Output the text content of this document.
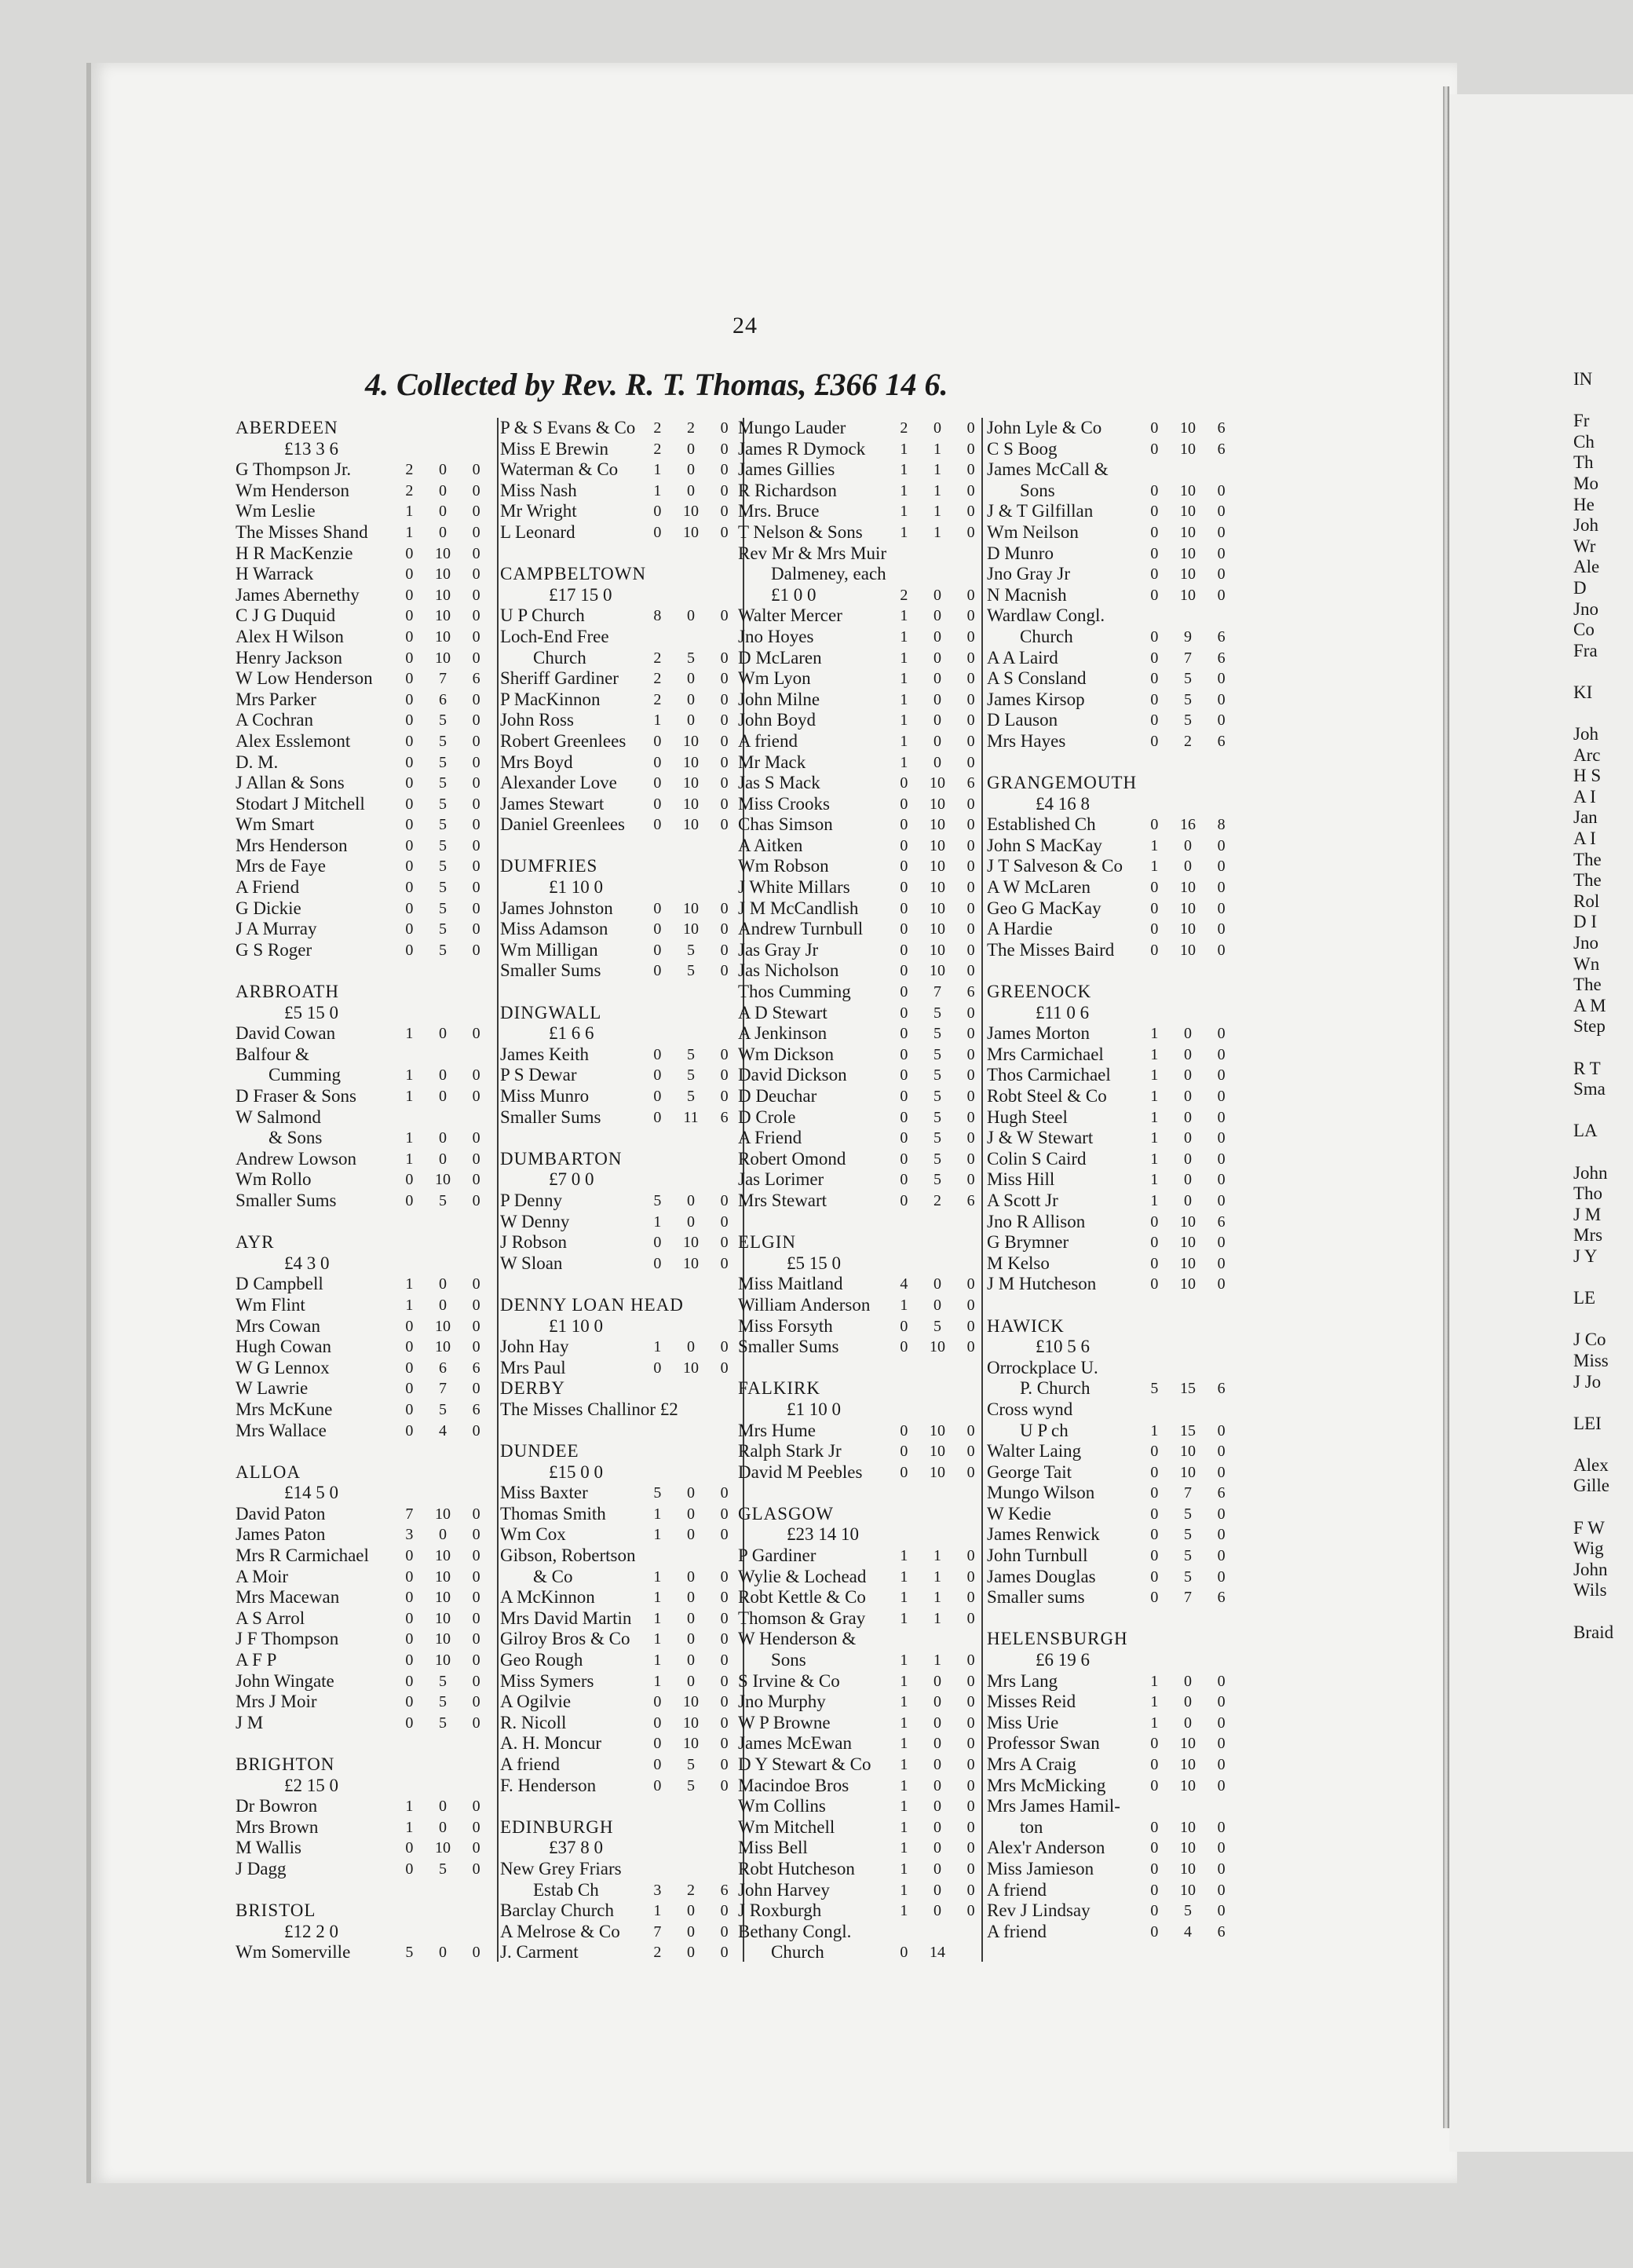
IN
Fr
Ch
Th
Mo
He
Joh
Wr
Ale
D
Jno
Co
Fra
KI
Joh
Arc
H S
A I
Jan
A I
The
The
Rol
D I
Jno
Wn
The
A M
Step
R T
Sma
LA
John
Tho
J M
Mrs
J Y
LE
J Co
Miss
J Jo
LEI
Alex
Gille
F W
Wig
John
Wils
Braid
24
4. Collected by Rev. R. T. Thomas, £366 14 6.
ABERDEEN
£13 3 6
G Thompson Jr.	2	0	0
Wm Henderson	2	0	0
Wm Leslie	1	0	0
The Misses Shand	1	0	0
H R MacKenzie	0	10	0
H Warrack	0	10	0
James Abernethy	0	10	0
C J G Duquid	0	10	0
Alex H Wilson	0	10	0
Henry Jackson	0	10	0
W Low Henderson	0	7	6
Mrs Parker	0	6	0
A Cochran	0	5	0
Alex Esslemont	0	5	0
D. M.	0	5	0
J Allan & Sons	0	5	0
Stodart J Mitchell	0	5	0
Wm Smart	0	5	0
Mrs Henderson	0	5	0
Mrs de Faye	0	5	0
A Friend	0	5	0
G Dickie	0	5	0
J A Murray	0	5	0
G S Roger	0	5	0
ARBROATH
£5 15 0
David Cowan	1	0	0
Balfour &
Cumming	1	0	0
D Fraser & Sons	1	0	0
W Salmond
& Sons	1	0	0
Andrew Lowson	1	0	0
Wm Rollo	0	10	0
Smaller Sums	0	5	0
AYR
£4 3 0
D Campbell	1	0	0
Wm Flint	1	0	0
Mrs Cowan	0	10	0
Hugh Cowan	0	10	0
W G Lennox	0	6	6
W Lawrie	0	7	0
Mrs McKune	0	5	6
Mrs Wallace	0	4	0
ALLOA
£14 5 0
David Paton	7	10	0
James Paton	3	0	0
Mrs R Carmichael	0	10	0
A Moir	0	10	0
Mrs Macewan	0	10	0
A S Arrol	0	10	0
J F Thompson	0	10	0
A F P	0	10	0
John Wingate	0	5	0
Mrs J Moir	0	5	0
J M	0	5	0
BRIGHTON
£2 15 0
Dr Bowron	1	0	0
Mrs Brown	1	0	0
M Wallis	0	10	0
J Dagg	0	5	0
BRISTOL
£12 2 0
Wm Somerville	5	0	0
P & S Evans & Co	2	2	0
Miss E Brewin	2	0	0
Waterman & Co	1	0	0
Miss Nash	1	0	0
Mr Wright	0	10	0
L Leonard	0	10	0
CAMPBELTOWN
£17 15 0
U P Church	8	0	0
Loch-End Free
Church	2	5	0
Sheriff Gardiner	2	0	0
P MacKinnon	2	0	0
John Ross	1	0	0
Robert Greenlees	0	10	0
Mrs Boyd	0	10	0
Alexander Love	0	10	0
James Stewart	0	10	0
Daniel Greenlees	0	10	0
DUMFRIES
£1 10 0
James Johnston	0	10	0
Miss Adamson	0	10	0
Wm Milligan	0	5	0
Smaller Sums	0	5	0
DINGWALL
£1 6 6
James Keith	0	5	0
P S Dewar	0	5	0
Miss Munro	0	5	0
Smaller Sums	0	11	6
DUMBARTON
£7 0 0
P Denny	5	0	0
W Denny	1	0	0
J Robson	0	10	0
W Sloan	0	10	0
DENNY LOAN HEAD
£1 10 0
John Hay	1	0	0
Mrs Paul	0	10	0
DERBY
The Misses Challinor £2
DUNDEE
£15 0 0
Miss Baxter	5	0	0
Thomas Smith	1	0	0
Wm Cox	1	0	0
Gibson, Robertson
& Co	1	0	0
A McKinnon	1	0	0
Mrs David Martin	1	0	0
Gilroy Bros & Co	1	0	0
Geo Rough	1	0	0
Miss Symers	1	0	0
A Ogilvie	0	10	0
R. Nicoll	0	10	0
A. H. Moncur	0	10	0
A friend	0	5	0
F. Henderson	0	5	0
EDINBURGH
£37 8 0
New Grey Friars
Estab Ch	3	2	6
Barclay Church	1	0	0
A Melrose & Co	7	0	0
J. Carment	2	0	0
Mungo Lauder	2	0	0
James R Dymock	1	1	0
James Gillies	1	1	0
R Richardson	1	1	0
Mrs. Bruce	1	1	0
T Nelson & Sons	1	1	0
Rev Mr & Mrs Muir
Dalmeney, each
£1 0 0	2	0	0
Walter Mercer	1	0	0
Jno Hoyes	1	0	0
D McLaren	1	0	0
Wm Lyon	1	0	0
John Milne	1	0	0
John Boyd	1	0	0
A friend	1	0	0
Mr Mack	1	0	0
Jas S Mack	0	10	6
Miss Crooks	0	10	0
Chas Simson	0	10	0
A Aitken	0	10	0
Wm Robson	0	10	0
J White Millars	0	10	0
J M McCandlish	0	10	0
Andrew Turnbull	0	10	0
Jas Gray Jr	0	10	0
Jas Nicholson	0	10	0
Thos Cumming	0	7	6
A D Stewart	0	5	0
A Jenkinson	0	5	0
Wm Dickson	0	5	0
David Dickson	0	5	0
D Deuchar	0	5	0
D Crole	0	5	0
A Friend	0	5	0
Robert Omond	0	5	0
Jas Lorimer	0	5	0
Mrs Stewart	0	2	6
ELGIN
£5 15 0
Miss Maitland	4	0	0
William Anderson	1	0	0
Miss Forsyth	0	5	0
Smaller Sums	0	10	0
FALKIRK
£1 10 0
Mrs Hume	0	10	0
Ralph Stark Jr	0	10	0
David M Peebles	0	10	0
GLASGOW
£23 14 10
P Gardiner	1	1	0
Wylie & Lochead	1	1	0
Robt Kettle & Co	1	1	0
Thomson & Gray	1	1	0
W Henderson &
Sons	1	1	0
S Irvine & Co	1	0	0
Jno Murphy	1	0	0
W P Browne	1	0	0
James McEwan	1	0	0
D Y Stewart & Co	1	0	0
Macindoe Bros	1	0	0
Wm Collins	1	0	0
Wm Mitchell	1	0	0
Miss Bell	1	0	0
Robt Hutcheson	1	0	0
John Harvey	1	0	0
J Roxburgh	1	0	0
Bethany Congl.
Church	0	14
John Lyle & Co	0	10	6
C S Boog	0	10	6
James McCall &
Sons	0	10	0
J & T Gilfillan	0	10	0
Wm Neilson	0	10	0
D Munro	0	10	0
Jno Gray Jr	0	10	0
N Macnish	0	10	0
Wardlaw Congl.
Church	0	9	6
A A Laird	0	7	6
A S Consland	0	5	0
James Kirsop	0	5	0
D Lauson	0	5	0
Mrs Hayes	0	2	6
GRANGEMOUTH
£4 16 8
Established Ch	0	16	8
John S MacKay	1	0	0
J T Salveson & Co	1	0	0
A W McLaren	0	10	0
Geo G MacKay	0	10	0
A Hardie	0	10	0
The Misses Baird	0	10	0
GREENOCK
£11 0 6
James Morton	1	0	0
Mrs Carmichael	1	0	0
Thos Carmichael	1	0	0
Robt Steel & Co	1	0	0
Hugh Steel	1	0	0
J & W Stewart	1	0	0
Colin S Caird	1	0	0
Miss Hill	1	0	0
A Scott Jr	1	0	0
Jno R Allison	0	10	6
G Brymner	0	10	0
M Kelso	0	10	0
J M Hutcheson	0	10	0
HAWICK
£10 5 6
Orrockplace U.
P. Church	5	15	6
Cross wynd
U P ch	1	15	0
Walter Laing	0	10	0
George Tait	0	10	0
Mungo Wilson	0	7	6
W Kedie	0	5	0
James Renwick	0	5	0
John Turnbull	0	5	0
James Douglas	0	5	0
Smaller sums	0	7	6
HELENSBURGH
£6 19 6
Mrs Lang	1	0	0
Misses Reid	1	0	0
Miss Urie	1	0	0
Professor Swan	0	10	0
Mrs A Craig	0	10	0
Mrs McMicking	0	10	0
Mrs James Hamil-
ton	0	10	0
Alex'r Anderson	0	10	0
Miss Jamieson	0	10	0
A friend	0	10	0
Rev J Lindsay	0	5	0
A friend	0	4	6
